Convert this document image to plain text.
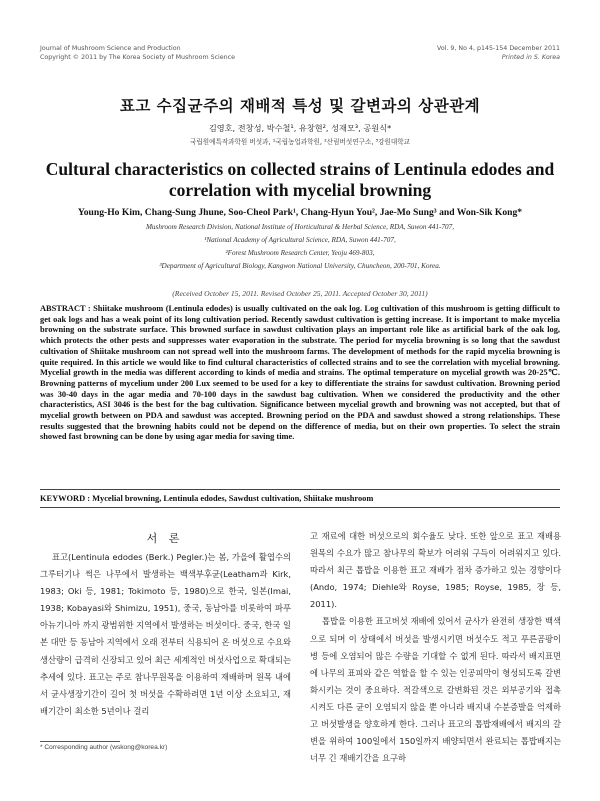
Journal of Mushroom Science and Production
Copyright © 2011 by The Korea Society of Mushroom Science
Vol. 9, No 4, p145-154 December 2011
Printed in S. Korea
표고 수집균주의 재배적 특성 및 갈변과의 상관관계
김영호, 전창성, 박수철¹, 유창현², 성재모³, 공원식*
국립원예특작과학원 버섯과, ¹국립농업과학원, ²산림버섯연구소, ³강원대학교
Cultural characteristics on collected strains of Lentinula edodes and correlation with mycelial browning
Young-Ho Kim, Chang-Sung Jhune, Soo-Cheol Park¹, Chang-Hyun You², Jae-Mo Sung³ and Won-Sik Kong*
Mushroom Research Division, National Institute of Horticultural & Herbal Science, RDA, Suwon 441-707,
¹National Academy of Agricultural Science, RDA, Suwon 441-707,
²Forest Mushroom Research Center, Yeoju 469-803,
³Department of Agricultural Biology, Kangwon National University, Chuncheon, 200-701, Korea.
(Received October 15, 2011. Revised October 25, 2011. Accepted October 30, 2011)

ABSTRACT : Shiitake mushroom (Lentinula edodes) is usually cultivated on the oak log. Log cultivation of this mushroom is getting difficult to get oak logs and has a weak point of its long cultivation period. Recently sawdust cultivation is getting increase. It is important to make mycelia browning on the substrate surface. This browned surface in sawdust cultivation plays an important role like as artificial bark of the oak log, which protects the other pests and suppresses water evaporation in the substrate. The period for mycelia browning is so long that the sawdust cultivation of Shiitake mushroom can not spread well into the mushroom farms. The development of methods for the rapid mycelia browning is quite required. In this article we would like to find cultural characteristics of collected strains and to see the correlation with mycelial browning. Mycelial growth in the media was different according to kinds of media and strains. The optimal temperature on mycelial growth was 20-25℃. Browning patterns of mycelium under 200 Lux seemed to be used for a key to differentiate the strains for sawdust cultivation. Browning period was 30-40 days in the agar media and 70-100 days in the sawdust bag cultivation. When we considered the productivity and the other characteristics, ASI 3046 is the best for the bag cultivation. Significance between mycelial growth and browning was not accepted, but that of mycelial growth between on PDA and sawdust was accepted. Browning period on the PDA and sawdust showed a strong relationships. These results suggested that the browning habits could not be depend on the difference of media, but on their own properties. To select the strain showed fast browning can be done by using agar media for saving time.

KEYWORD : Mycelial browning, Lentinula edodes, Sawdust cultivation, Shiitake mushroom
서 론

표고(Lentinula edodes (Berk.) Pegler.)는 봄, 가을에 활엽수의 그루터기나 썩은 나무에서 발생하는 백색부후균(Leatham과 Kirk, 1983; Oki 등, 1981; Tokimoto 등, 1980)으로 한국, 일본(Imai, 1938; Kobayasi와 Shimizu, 1951), 중국, 동남아를 비롯하여 파푸아뉴기니아 까지 광범위한 지역에서 발생하는 버섯이다. 중국, 한국 일본 대만 등 동남아 지역에서 오래 전부터 식용되어 온 버섯으로 수요와 생산량이 급격히 신장되고 있어 최근 세계적인 버섯사업으로 확대되는 추세에 있다. 표고는 주로 참나무원목을 이용하여 재배하며 원목 내에서 균사생장기간이 길어 첫 버섯을 수확하려면 1년 이상 소요되고, 재배기간이 최소한 5년이나 걸리

고 재료에 대한 버섯으로의 회수율도 낮다. 또한 앞으로 표고 재배용 원목의 수요가 많고 참나무의 확보가 어려워 구득이 어려워지고 있다. 따라서 최근 톱밥을 이용한 표고 재배가 점차 증가하고 있는 경향이다(Ando, 1974; Diehle와 Royse, 1985; Royse, 1985, 장 등, 2011).

톱밥을 이용한 표고버섯 재배에 있어서 균사가 완전히 생장한 백색으로 되며 이 상태에서 버섯을 발생시키면 버섯수도 적고 푸른곰팡이병 등에 오염되어 많은 수량을 기대할 수 없게 된다. 따라서 배지표면에 나무의 표피와 같은 역할을 할 수 있는 인공피막이 형성되도록 갈변화시키는 것이 중요하다. 적갈색으로 갈변화된 것은 외부공기와 접촉시켜도 다른 균이 오염되지 않을 뿐 아니라 배지내 수분증발을 억제하고 버섯발생을 양호하게 한다. 그러나 표고의 톱밥재배에서 배지의 갈변을 위하여 100일에서 150일까지 배양되면서 완료되는 톱밥배지는 너무 긴 재배기간을 요구하

* Corresponding author (wskong@korea.kr)
